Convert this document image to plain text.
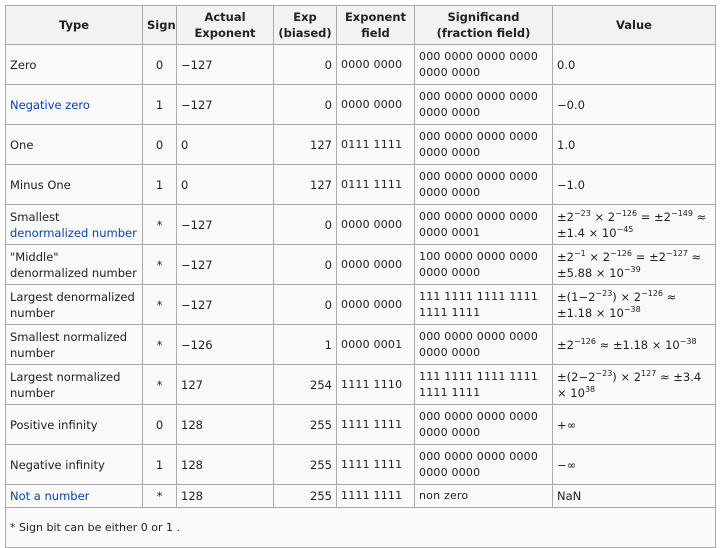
Type	Sign	Actual Exponent	Exp (biased)	Exponent field	Significand (fraction field)	Value
Zero	0	−127	0	0000 0000	000 0000 0000 0000 0000 0000	0.0
Negative zero	1	−127	0	0000 0000	000 0000 0000 0000 0000 0000	−0.0
One	0	0	127	0111 1111	000 0000 0000 0000 0000 0000	1.0
Minus One	1	0	127	0111 1111	000 0000 0000 0000 0000 0000	−1.0
Smallest denormalized number	*	−127	0	0000 0000	000 0000 0000 0000 0000 0001	$\pm 2^{-23} \times 2^{-126} = \pm 2^{-149} \approx \pm 1.4 \times 10^{-45}$
"Middle" denormalized number	*	−127	0	0000 0000	100 0000 0000 0000 0000 0000	$\pm 2^{-1} \times 2^{-126} = \pm 2^{-127} \approx \pm 5.88 \times 10^{-39}$
Largest denormalized number	*	−127	0	0000 0000	111 1111 1111 1111 1111 1111	$\pm(1-2^{-23}) \times 2^{-126} \approx \pm 1.18 \times 10^{-38}$
Smallest normalized number	*	−126	1	0000 0001	000 0000 0000 0000 0000 0000	$\pm 2^{-126} \approx \pm 1.18 \times 10^{-38}$
Largest normalized number	*	127	254	1111 1110	111 1111 1111 1111 1111 1111	$\pm(2-2^{-23}) \times 2^{127} \approx \pm 3.4 \times 10^{38}$
Positive infinity	0	128	255	1111 1111	000 0000 0000 0000 0000 0000	+∞
Negative infinity	1	128	255	1111 1111	000 0000 0000 0000 0000 0000	−∞
Not a number	*	128	255	1111 1111	non zero	NaN
* Sign bit can be either 0 or 1 .						
